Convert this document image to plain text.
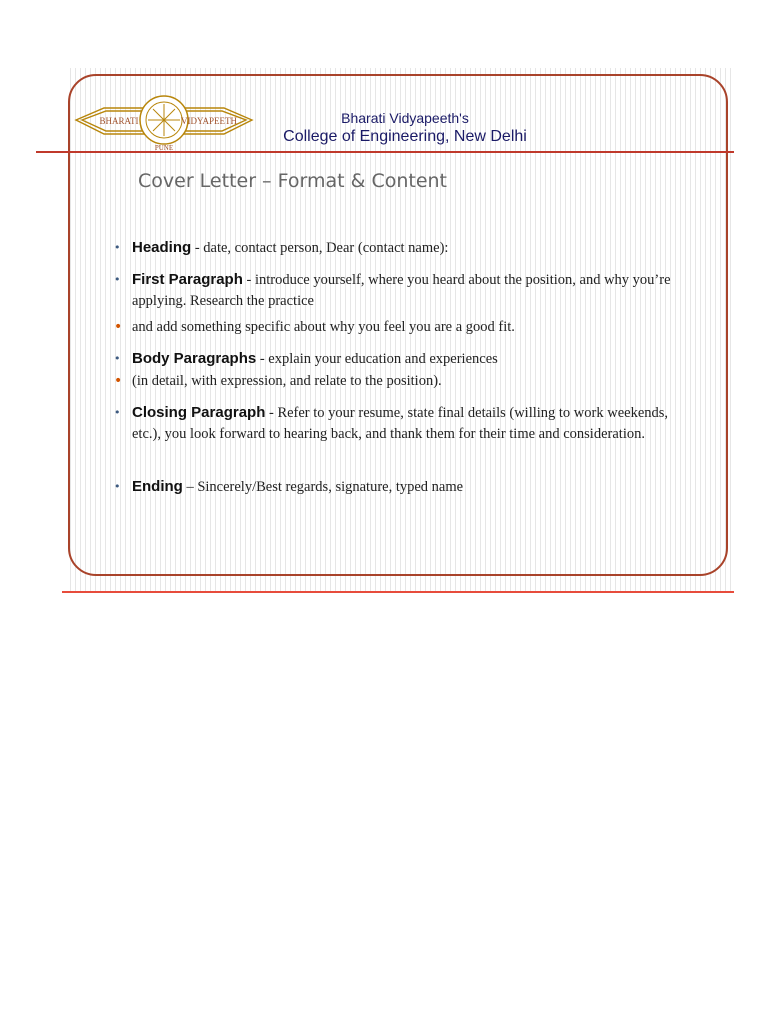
BHARATI	VIDYAPEETH
PUNE
Bharati Vidyapeeth's
College of Engineering, New Delhi
Cover Letter – Format & Content
• Heading - date, contact person, Dear (contact name):
• First Paragraph - introduce yourself, where you heard about the position, and why you’re applying. Research the practice
• and add something specific about why you feel you are a good fit.
• Body Paragraphs - explain your education and experiences
• (in detail, with expression, and relate to the position).
• Closing Paragraph - Refer to your resume, state final details (willing to work weekends, etc.), you look forward to hearing back, and thank them for their time and consideration.
• Ending – Sincerely/Best regards, signature, typed name
